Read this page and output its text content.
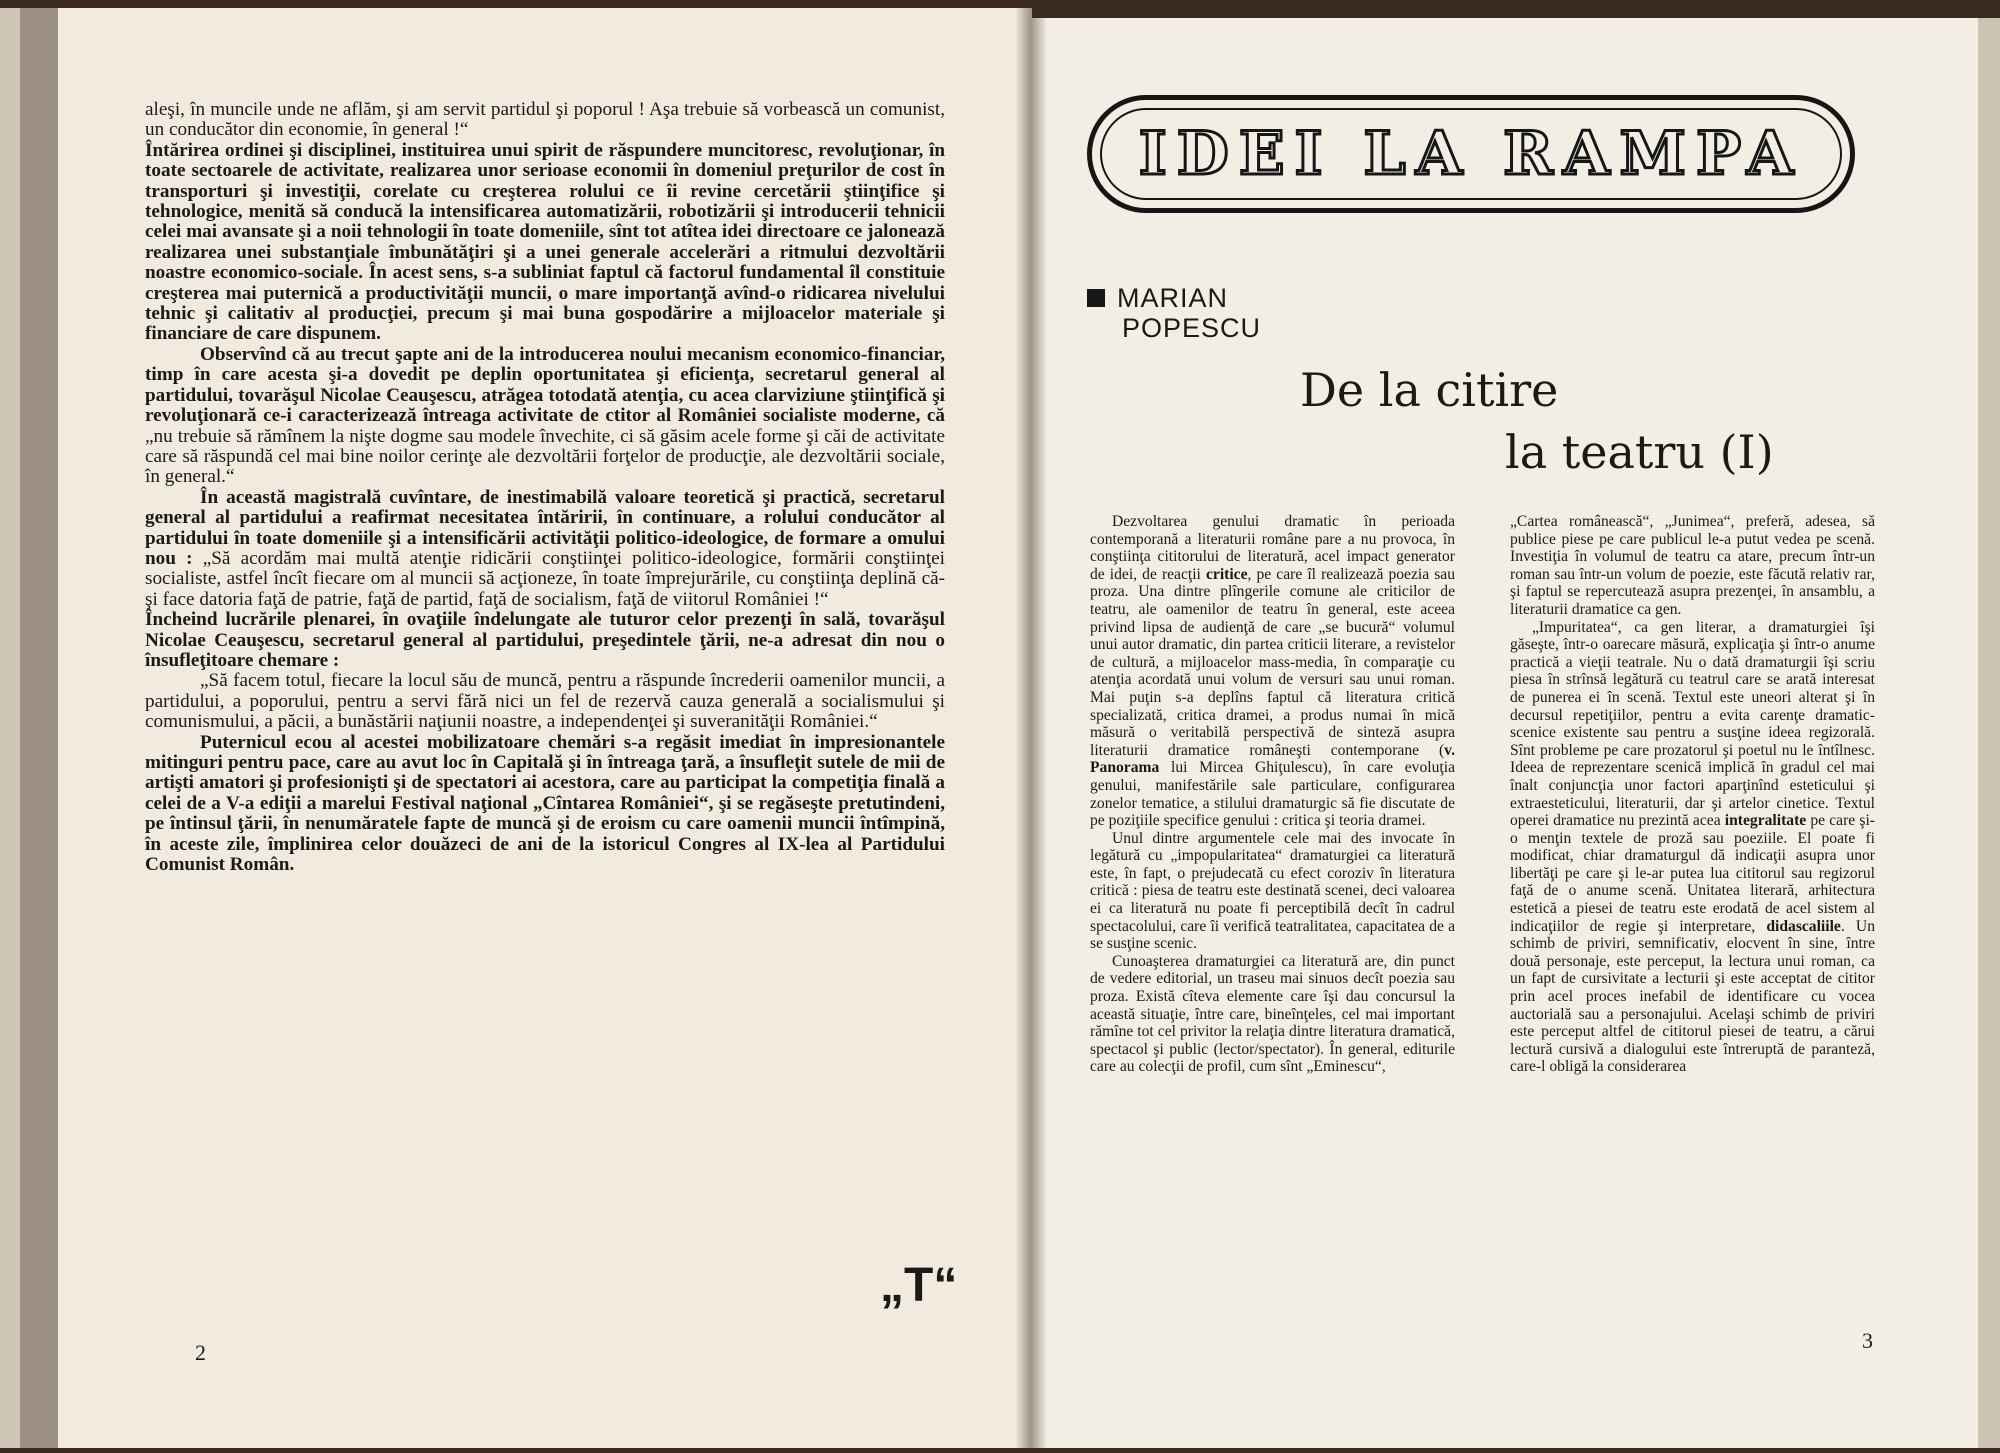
aleşi, în muncile unde ne aflăm, şi am servit partidul şi poporul ! Aşa trebuie să vorbească un comunist, un conducător din economie, în general !“

Întărirea ordinei şi disciplinei, instituirea unui spirit de răspundere muncitoresc, revoluţionar, în toate sectoarele de activitate, realizarea unor serioase economii în domeniul preţurilor de cost în transporturi şi investiţii, corelate cu creşterea rolului ce îi revine cercetării ştiinţifice şi tehnologice, menită să conducă la intensificarea automatizării, robotizării şi introducerii tehnicii celei mai avansate şi a noii tehnologii în toate domeniile, sînt tot atîtea idei directoare ce jalonează realizarea unei substanţiale îmbunătăţiri şi a unei generale accelerări a ritmului dezvoltării noastre economico-sociale. În acest sens, s-a subliniat faptul că factorul fundamental îl constituie creşterea mai puternică a productivităţii muncii, o mare importanţă avînd-o ridicarea nivelului tehnic şi calitativ al producţiei, precum şi mai buna gospodărire a mijloacelor materiale şi financiare de care dispunem.

Observînd că au trecut şapte ani de la introducerea noului mecanism economico-financiar, timp în care acesta şi-a dovedit pe deplin oportunitatea şi eficienţa, secretarul general al partidului, tovarăşul Nicolae Ceauşescu, atrăgea totodată atenţia, cu acea clarviziune ştiinţifică şi revoluţionară ce-i caracterizează întreaga activitate de ctitor al României socialiste moderne, că „nu trebuie să rămînem la nişte dogme sau modele învechite, ci să găsim acele forme şi căi de activitate care să răspundă cel mai bine noilor cerinţe ale dezvoltării forţelor de producţie, ale dezvoltării sociale, în general.“

În această magistrală cuvîntare, de inestimabilă valoare teoretică şi practică, secretarul general al partidului a reafirmat necesitatea întăririi, în continuare, a rolului conducător al partidului în toate domeniile şi a intensificării activităţii politico-ideologice, de formare a omului nou : „Să acordăm mai multă atenţie ridicării conştiinţei politico-ideologice, formării conştiinţei socialiste, astfel încît fiecare om al muncii să acţioneze, în toate împrejurările, cu conştiinţa deplină că-şi face datoria faţă de patrie, faţă de partid, faţă de socialism, faţă de viitorul României !“

Încheind lucrările plenarei, în ovaţiile îndelungate ale tuturor celor prezenţi în sală, tovarăşul Nicolae Ceauşescu, secretarul general al partidului, preşedintele ţării, ne-a adresat din nou o însufleţitoare chemare :

„Să facem totul, fiecare la locul său de muncă, pentru a răspunde încrederii oamenilor muncii, a partidului, a poporului, pentru a servi fără nici un fel de rezervă cauza generală a socialismului şi comunismului, a păcii, a bunăstării naţiunii noastre, a independenţei şi suveranităţii României.“

Puternicul ecou al acestei mobilizatoare chemări s-a regăsit imediat în impresionantele mitinguri pentru pace, care au avut loc în Capitală şi în întreaga ţară, a însufleţit sutele de mii de artişti amatori şi profesionişti şi de spectatori ai acestora, care au participat la competiţia finală a celei de a V-a ediţii a marelui Festival naţional „Cîntarea României“, şi se regăseşte pretutindeni, pe întinsul ţării, în nenumăratele fapte de muncă şi de eroism cu care oamenii muncii întîmpină, în aceste zile, împlinirea celor douăzeci de ani de la istoricul Congres al IX-lea al Partidului Comunist Român.

„T“
2
IDEI LA RAMPA
MARIAN
POPESCU
De la citire
la teatru (I)

Dezvoltarea genului dramatic în perioada contemporană a literaturii române pare a nu provoca, în conştiinţa cititorului de literatură, acel impact generator de idei, de reacţii critice, pe care îl realizează poezia sau proza. Una dintre plîngerile comune ale criticilor de teatru, ale oamenilor de teatru în general, este aceea privind lipsa de audienţă de care „se bucură“ volumul unui autor dramatic, din partea criticii literare, a revistelor de cultură, a mijloacelor mass-media, în comparaţie cu atenţia acordată unui volum de versuri sau unui roman. Mai puţin s-a deplîns faptul că literatura critică specializată, critica dramei, a produs numai în mică măsură o veritabilă perspectivă de sinteză asupra literaturii dramatice româneşti contemporane (v. Panorama lui Mircea Ghiţulescu), în care evoluţia genului, manifestările sale particulare, configurarea zonelor tematice, a stilului dramaturgic să fie discutate de pe poziţiile specifice genului : critica şi teoria dramei.

Unul dintre argumentele cele mai des invocate în legătură cu „impopularitatea“ dramaturgiei ca literatură este, în fapt, o prejudecată cu efect coroziv în literatura critică : piesa de teatru este destinată scenei, deci valoarea ei ca literatură nu poate fi perceptibilă decît în cadrul spectacolului, care îi verifică teatralitatea, capacitatea de a se susţine scenic.

Cunoaşterea dramaturgiei ca literatură are, din punct de vedere editorial, un traseu mai sinuos decît poezia sau proza. Există cîteva elemente care îşi dau concursul la această situaţie, între care, bineînţeles, cel mai important rămîne tot cel privitor la relaţia dintre literatura dramatică, spectacol şi public (lector/spectator). În general, editurile care au colecţii de profil, cum sînt „Eminescu“,

„Cartea românească“, „Junimea“, preferă, adesea, să publice piese pe care publicul le-a putut vedea pe scenă. Investiţia în volumul de teatru ca atare, precum într-un roman sau într-un volum de poezie, este făcută relativ rar, şi faptul se repercutează asupra prezenţei, în ansamblu, a literaturii dramatice ca gen.

„Impuritatea“, ca gen literar, a dramaturgiei îşi găseşte, într-o oarecare măsură, explicaţia şi într-o anume practică a vieţii teatrale. Nu o dată dramaturgii îşi scriu piesa în strînsă legătură cu teatrul care se arată interesat de punerea ei în scenă. Textul este uneori alterat şi în decursul repetiţiilor, pentru a evita carenţe dramatic-scenice existente sau pentru a susţine ideea regizorală. Sînt probleme pe care prozatorul şi poetul nu le întîlnesc. Ideea de reprezentare scenică implică în gradul cel mai înalt conjuncţia unor factori aparţinînd esteticului şi extraesteticului, literaturii, dar şi artelor cinetice. Textul operei dramatice nu prezintă acea integralitate pe care şi-o menţin textele de proză sau poeziile. El poate fi modificat, chiar dramaturgul dă indicaţii asupra unor libertăţi pe care şi le-ar putea lua cititorul sau regizorul faţă de o anume scenă. Unitatea literară, arhitectura estetică a piesei de teatru este erodată de acel sistem al indicaţiilor de regie şi interpretare, didascaliile. Un schimb de priviri, semnificativ, elocvent în sine, între două personaje, este perceput, la lectura unui roman, ca un fapt de cursivitate a lecturii şi este acceptat de cititor prin acel proces inefabil de identificare cu vocea auctorială sau a personajului. Acelaşi schimb de priviri este perceput altfel de cititorul piesei de teatru, a cărui lectură cursivă a dialogului este întreruptă de paranteză, care-l obligă la considerarea

3
